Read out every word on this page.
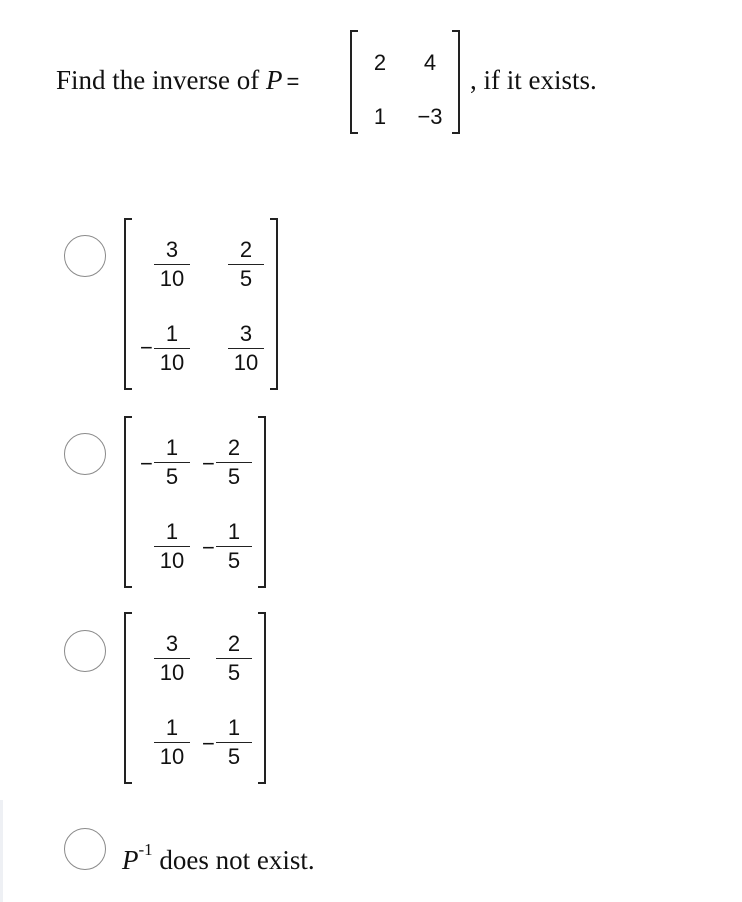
Find the inverse of P =
2	4
1	−3
, if it exists.
−
3
10
2
5
1
10
3
10
−
1
5
−
2
5
1
10
−
1
5
3
10
2
5
1
10
−
1
5
$P^{-1}$ does not exist.
